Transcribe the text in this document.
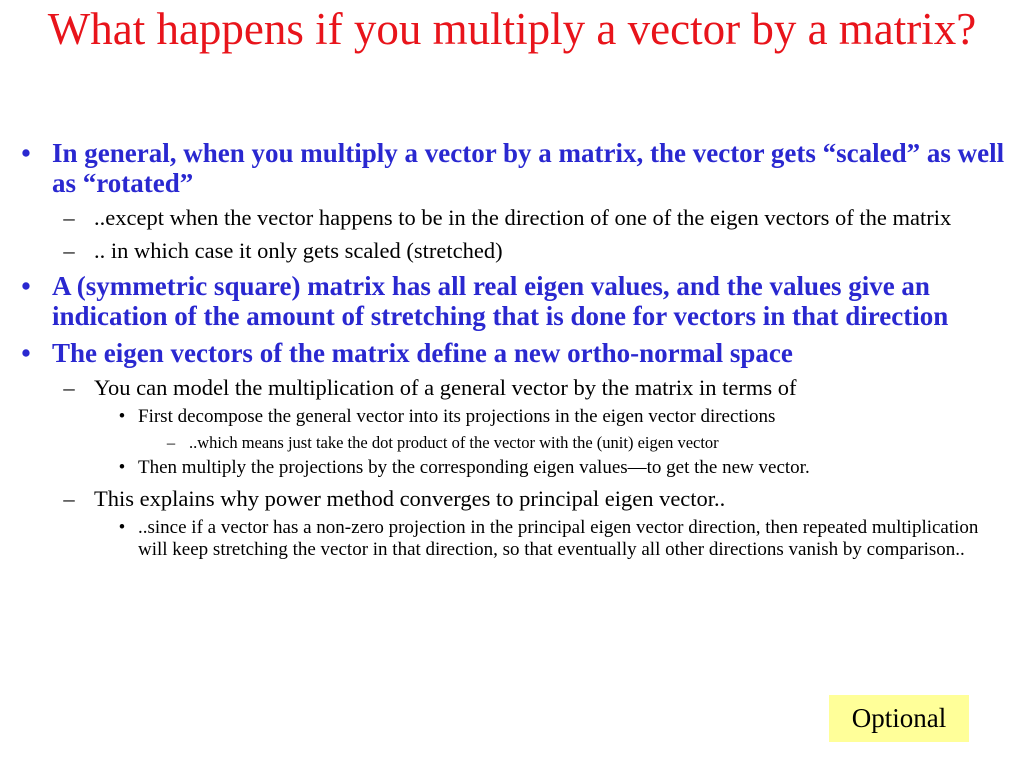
What happens if you multiply a vector by a matrix?
• In general, when you multiply a vector by a matrix, the vector gets “scaled” as well as “rotated”
– ..except when the vector happens to be in the direction of one of the eigen vectors of the matrix
– .. in which case it only gets scaled (stretched)
• A (symmetric square) matrix has all real eigen values, and the values give an indication of the amount of stretching that is done for vectors in that direction
• The eigen vectors of the matrix define a new ortho-normal space
– You can model the multiplication of a general vector by the matrix in terms of
• First decompose the general vector into its projections in the eigen vector directions
– ..which means just take the dot product of the vector with the (unit) eigen vector
• Then multiply the projections by the corresponding eigen values—to get the new vector.
– This explains why power method converges to principal eigen vector..
• ..since if a vector has a non-zero projection in the principal eigen vector direction, then repeated multiplication will keep stretching the vector in that direction, so that eventually all other directions vanish by comparison..
Optional
